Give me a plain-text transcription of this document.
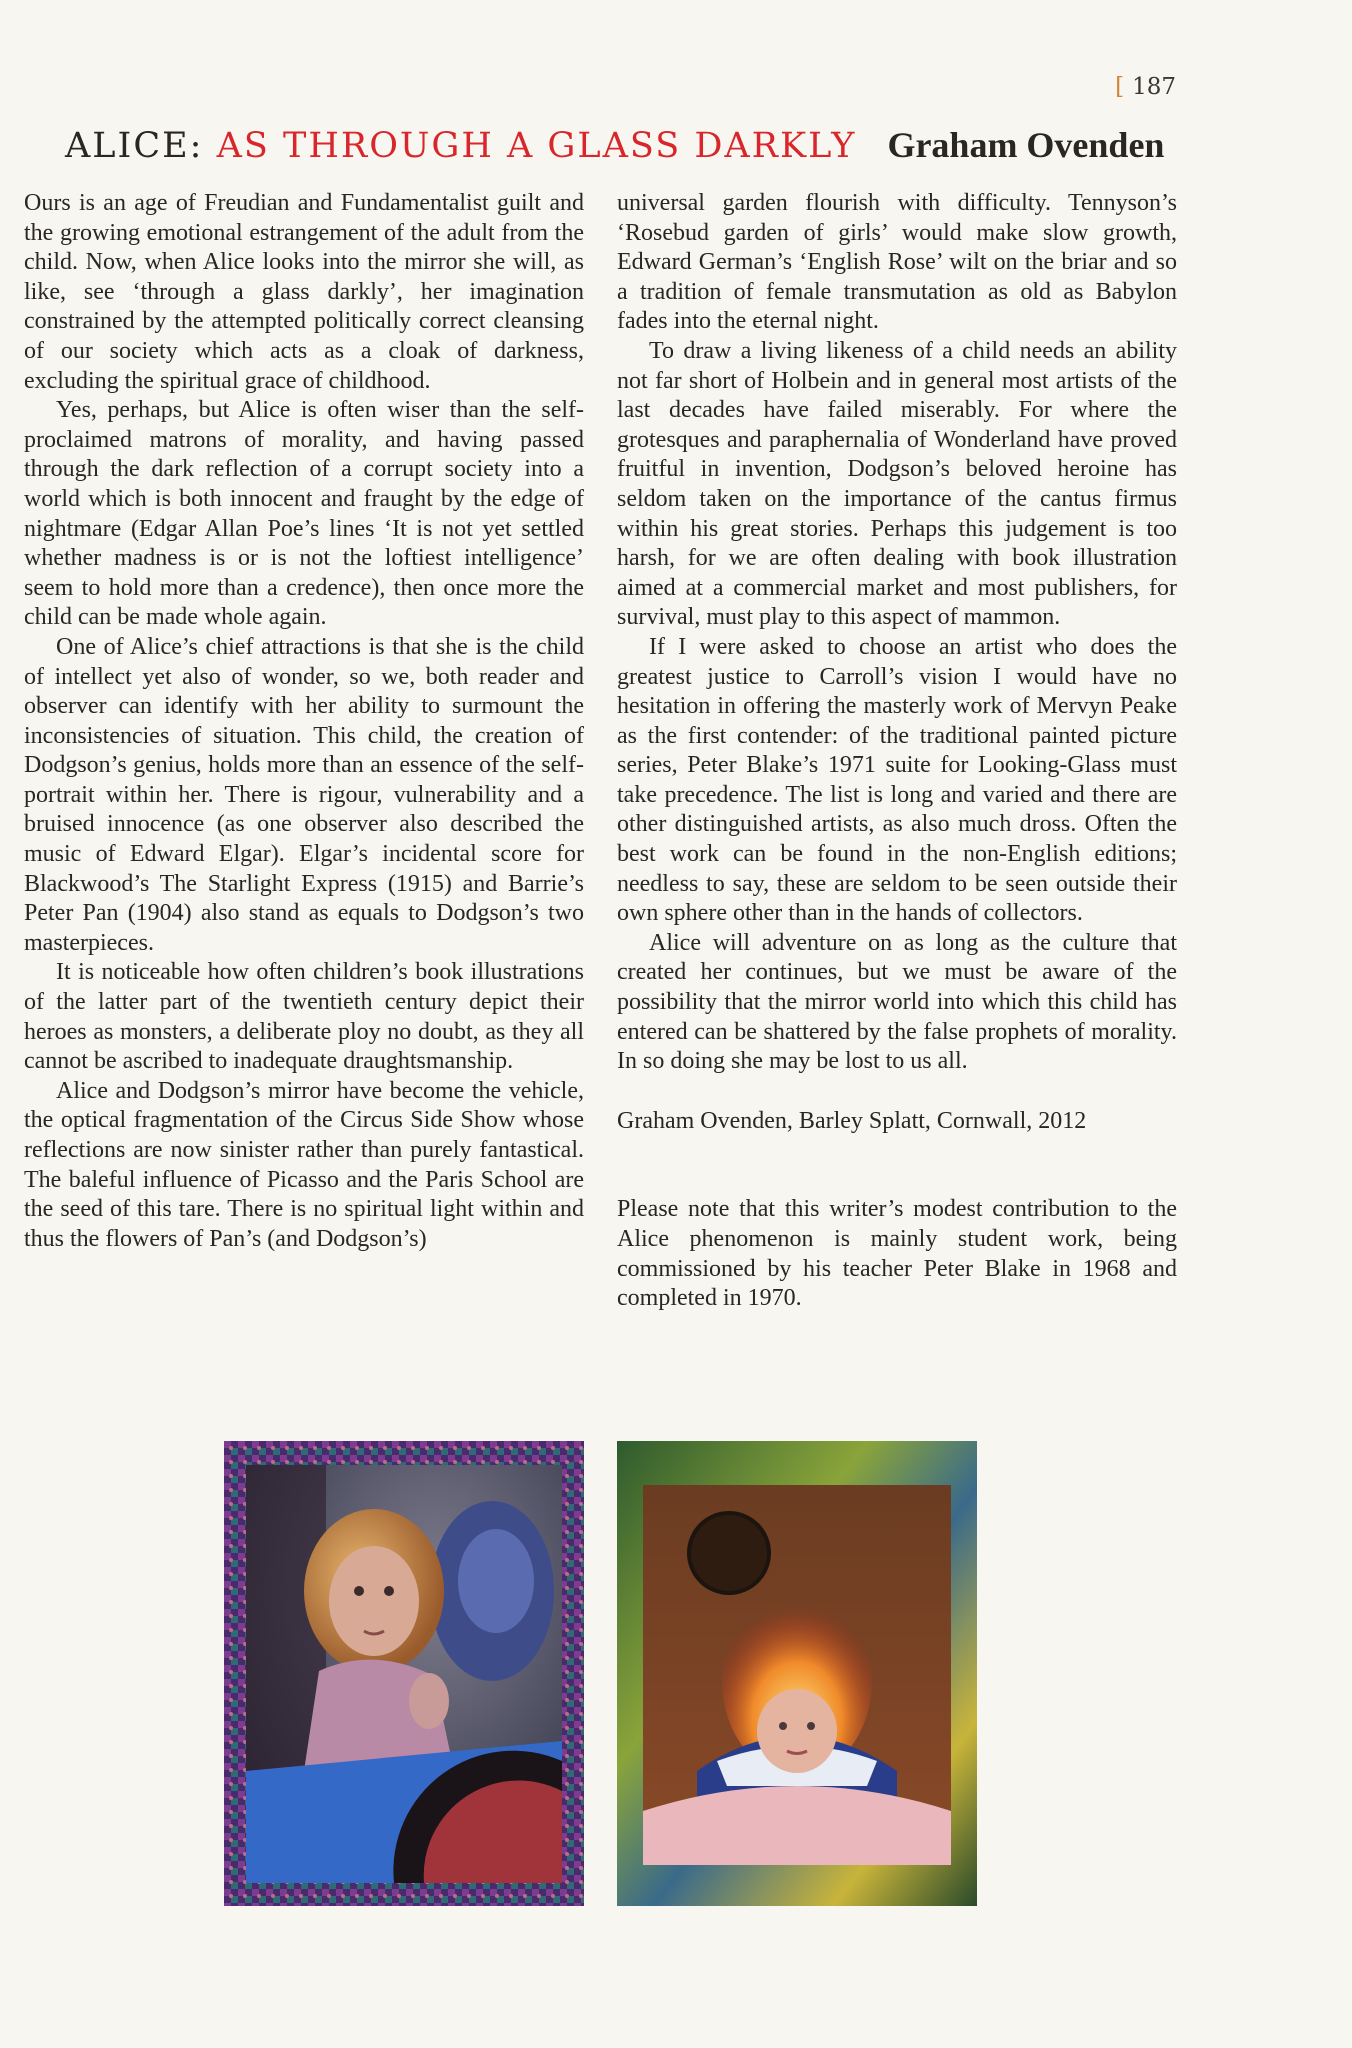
[ 187
ALICE: AS THROUGH A GLASS DARKLY Graham Ovenden

Ours is an age of Freudian and Fundamentalist guilt and the growing emotional estrangement of the adult from the child. Now, when Alice looks into the mirror she will, as like, see ‘through a glass darkly’, her imagination constrained by the attempted politically correct cleansing of our society which acts as a cloak of darkness, excluding the spiritual grace of childhood.

Yes, perhaps, but Alice is often wiser than the self-proclaimed matrons of morality, and having passed through the dark reflection of a corrupt society into a world which is both innocent and fraught by the edge of nightmare (Edgar Allan Poe’s lines ‘It is not yet settled whether madness is or is not the loftiest intelligence’ seem to hold more than a credence), then once more the child can be made whole again.

One of Alice’s chief attractions is that she is the child of intellect yet also of wonder, so we, both reader and observer can identify with her ability to surmount the inconsistencies of situation. This child, the creation of Dodgson’s genius, holds more than an essence of the self-portrait within her. There is rigour, vulnerability and a bruised innocence (as one observer also described the music of Edward Elgar). Elgar’s incidental score for Blackwood’s The Starlight Express (1915) and Barrie’s Peter Pan (1904) also stand as equals to Dodgson’s two masterpieces.

It is noticeable how often children’s book illustrations of the latter part of the twentieth century depict their heroes as monsters, a deliberate ploy no doubt, as they all cannot be ascribed to inadequate draughtsmanship.

Alice and Dodgson’s mirror have become the vehicle, the optical fragmentation of the Circus Side Show whose reflections are now sinister rather than purely fantastical. The baleful influence of Picasso and the Paris School are the seed of this tare. There is no spiritual light within and thus the flowers of Pan’s (and Dodgson’s)

universal garden flourish with difficulty. Tennyson’s ‘Rosebud garden of girls’ would make slow growth, Edward German’s ‘English Rose’ wilt on the briar and so a tradition of female transmutation as old as Babylon fades into the eternal night.

To draw a living likeness of a child needs an ability not far short of Holbein and in general most artists of the last decades have failed miserably. For where the grotesques and paraphernalia of Wonderland have proved fruitful in invention, Dodgson’s beloved heroine has seldom taken on the importance of the cantus firmus within his great stories. Perhaps this judgement is too harsh, for we are often dealing with book illustration aimed at a commercial market and most publishers, for survival, must play to this aspect of mammon.

If I were asked to choose an artist who does the greatest justice to Carroll’s vision I would have no hesitation in offering the masterly work of Mervyn Peake as the first contender: of the traditional painted picture series, Peter Blake’s 1971 suite for Looking-Glass must take precedence. The list is long and varied and there are other distinguished artists, as also much dross. Often the best work can be found in the non-English editions; needless to say, these are seldom to be seen outside their own sphere other than in the hands of collectors.

Alice will adventure on as long as the culture that created her continues, but we must be aware of the possibility that the mirror world into which this child has entered can be shattered by the false prophets of morality. In so doing she may be lost to us all.

Graham Ovenden, Barley Splatt, Cornwall, 2012

Please note that this writer’s modest contribution to the Alice phenomenon is mainly student work, being commissioned by his teacher Peter Blake in 1968 and completed in 1970.
